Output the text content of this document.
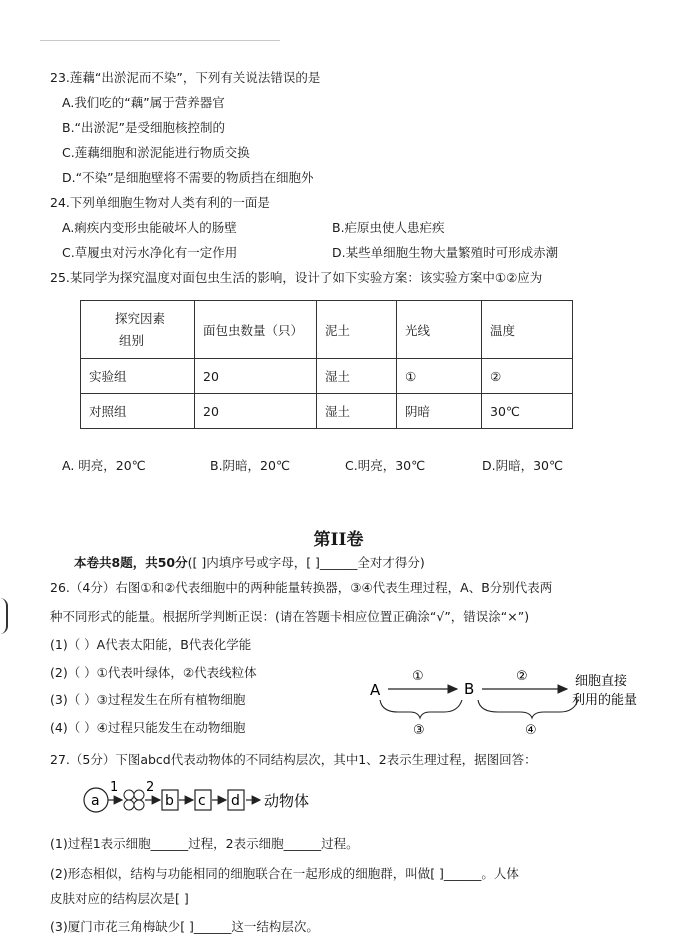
23.莲藕“出淤泥而不染”，下列有关说法错误的是
A.我们吃的“藕”属于营养器官
B.“出淤泥”是受细胞核控制的
C.莲藕细胞和淤泥能进行物质交换
D.“不染”是细胞壁将不需要的物质挡在细胞外
24.下列单细胞生物对人类有利的一面是
A.痢疾内变形虫能破坏人的肠壁	B.疟原虫使人患疟疾
C.草履虫对污水净化有一定作用	D.某些单细胞生物大量繁殖时可形成赤潮
25.某同学为探究温度对面包虫生活的影响，设计了如下实验方案：该实验方案中①②应为
探究因素
组别	面包虫数量（只）	泥土	光线	温度
实验组	20	湿土	①	②
对照组	20	湿土	阴暗	30℃
A. 明亮，20℃	B.阴暗，20℃	C.明亮，30℃	D.阴暗，30℃
第II卷
本卷共8题，共50分([ ]内填序号或字母，[ ]______全对才得分)
26.（4分）右图①和②代表细胞中的两种能量转换器，③④代表生理过程，A、B分别代表两
种不同形式的能量。根据所学判断正误：(请在答题卡相应位置正确涂“√”，错误涂“×”)
(1)（ ）A代表太阳能，B代表化学能
(2)（ ）①代表叶绿体，②代表线粒体
(3)（ ）③过程发生在所有植物细胞
(4)（ ）④过程只能发生在动物细胞
A
①
B
②	细胞直接
利用的能量
③	④
27.（5分）下图abcd代表动物体的不同结构层次，其中1、2表示生理过程，据图回答：
a
1 2
b c d 动物体
(1)过程1表示细胞______过程，2表示细胞______过程。
(2)形态相似，结构与功能相同的细胞联合在一起形成的细胞群，叫做[ ]______。人体
皮肤对应的结构层次是[ ]
(3)厦门市花三角梅缺少[ ]______这一结构层次。
